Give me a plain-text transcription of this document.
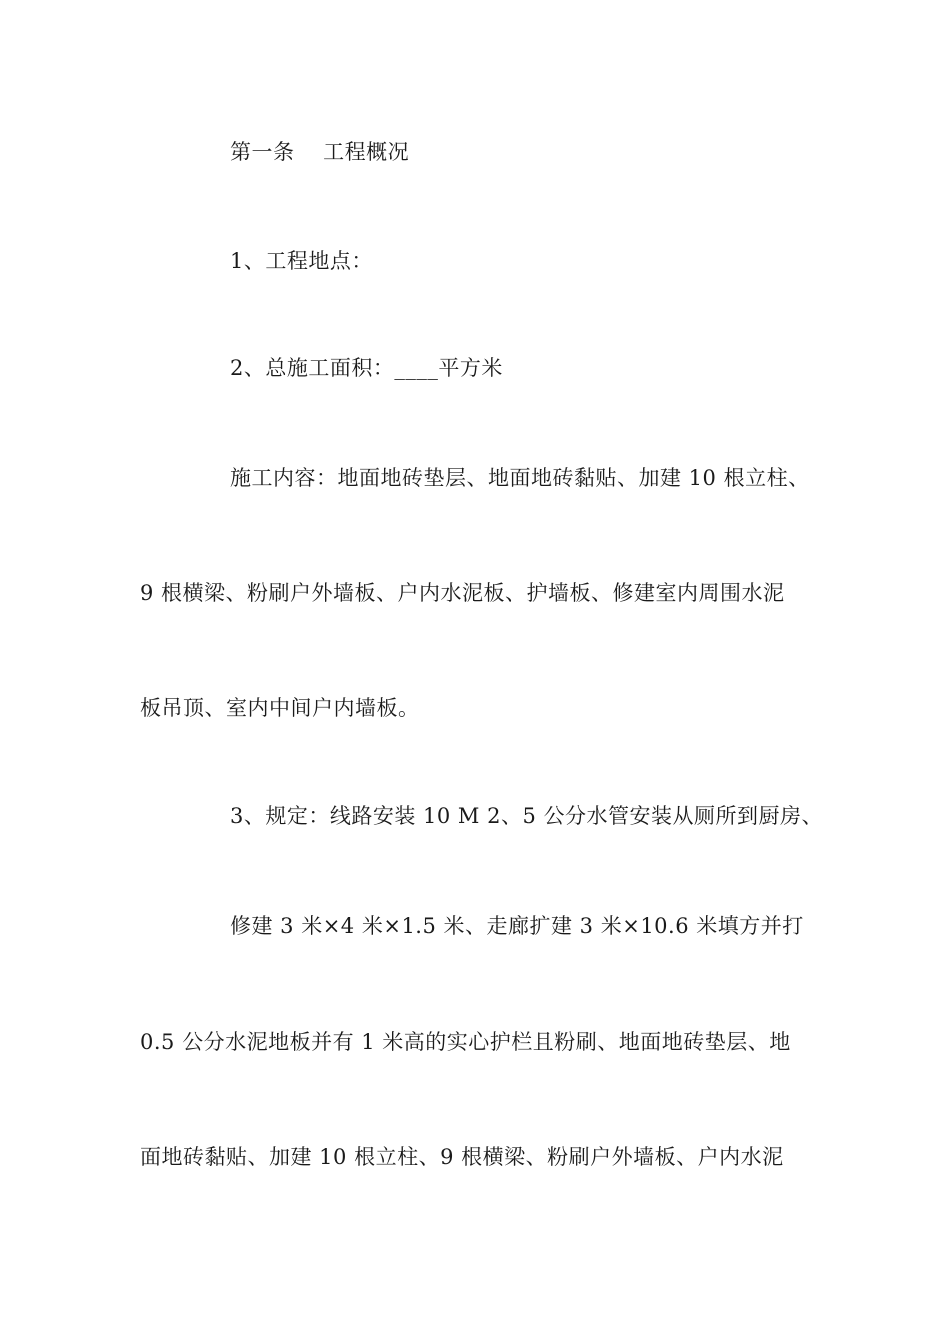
第一条　 工程概况
1、工程地点：
2、总施工面积：____平方米
施工内容：地面地砖垫层、地面地砖黏贴、加建 10 根立柱、
9 根横梁、粉刷户外墙板、户内水泥板、护墙板、修建室内周围水泥
板吊顶、室内中间户内墙板。
3、规定：线路安装 10 M 2、5 公分水管安装从厕所到厨房、
修建 3 米×4 米×1.5 米、走廊扩建 3 米×10.6 米填方并打
0.5 公分水泥地板并有 1 米高的实心护栏且粉刷、地面地砖垫层、地
面地砖黏贴、加建 10 根立柱、9 根横梁、粉刷户外墙板、户内水泥
